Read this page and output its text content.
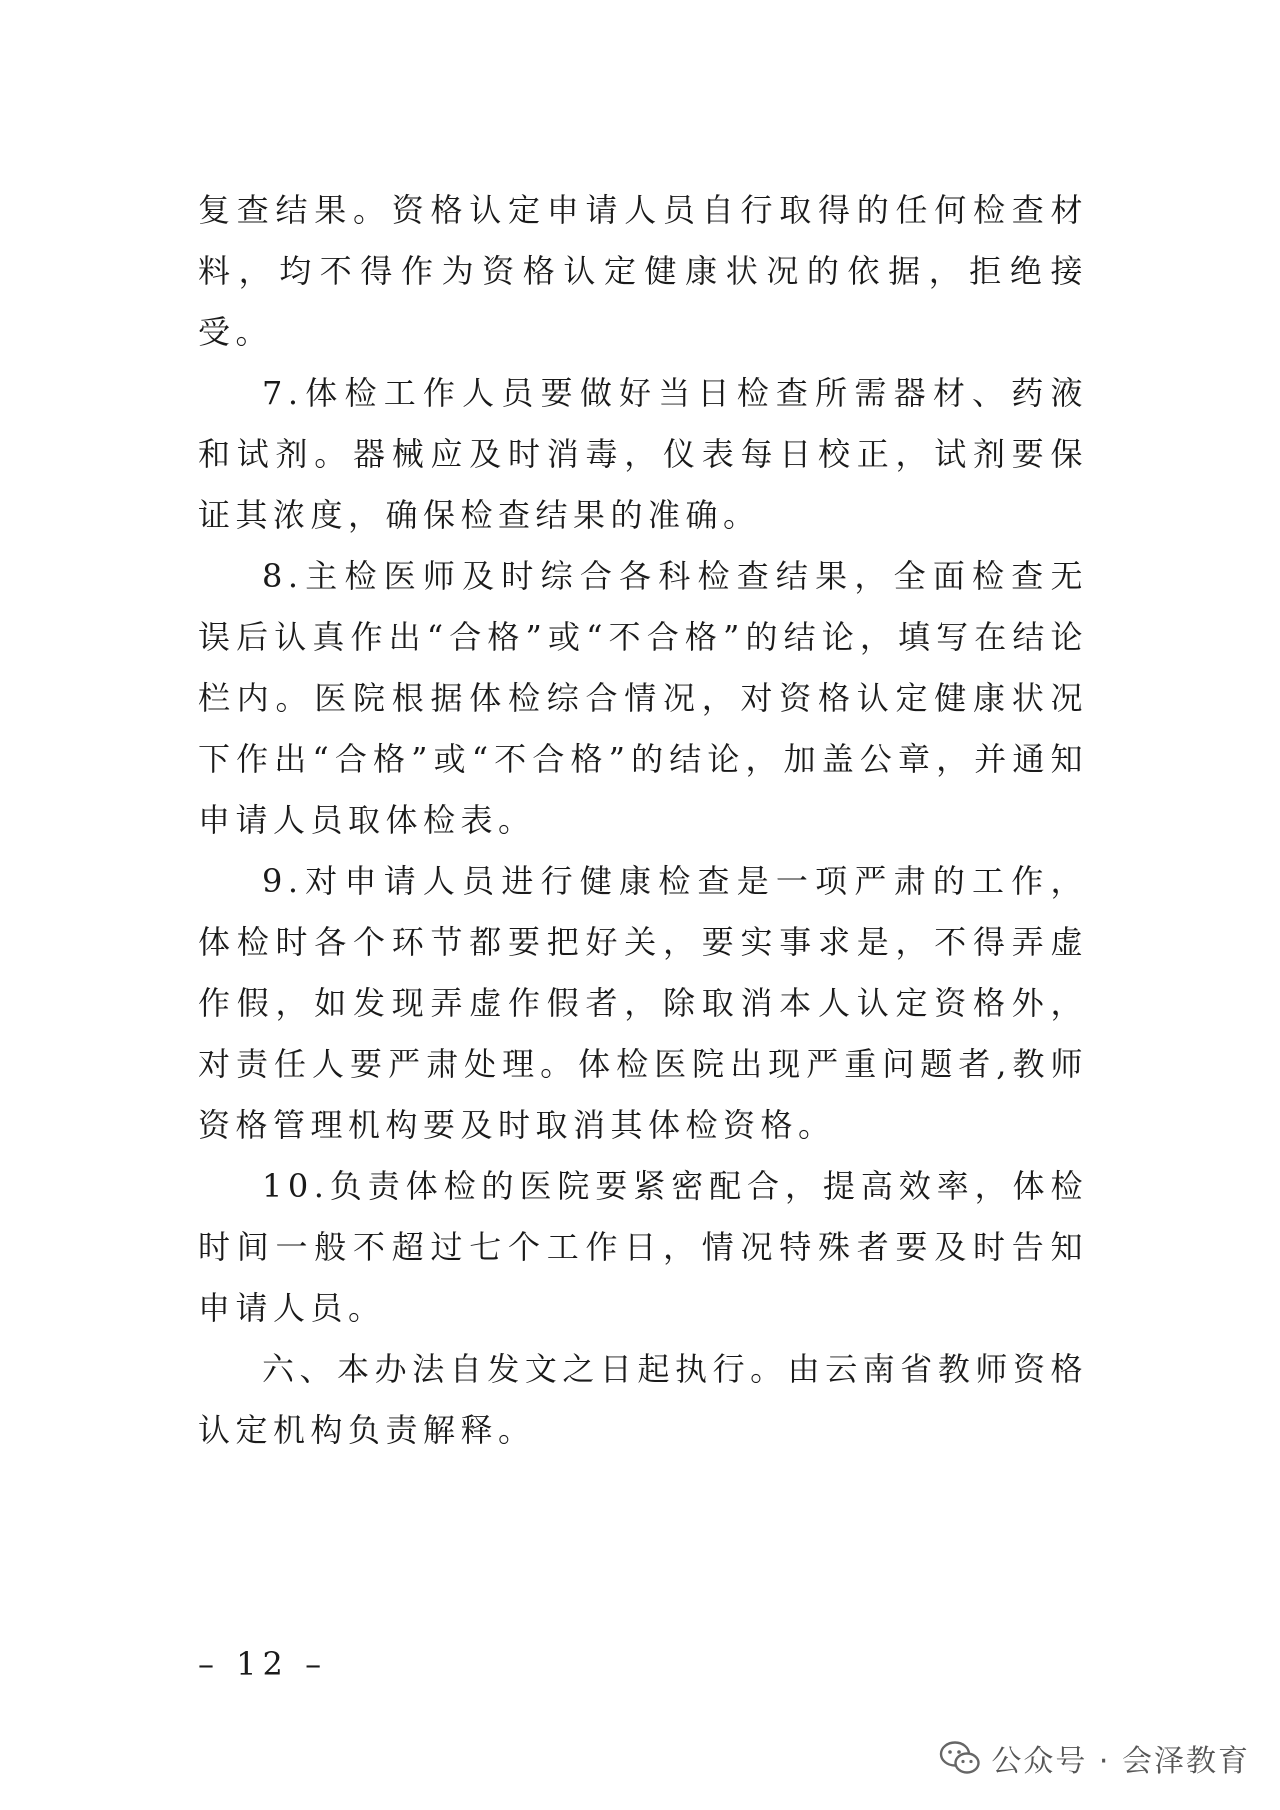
复查结果。资格认定申请人员自行取得的任何检查材料，均不得作为资格认定健康状况的依据，拒绝接受。

7.体检工作人员要做好当日检查所需器材、药液和试剂。器械应及时消毒，仪表每日校正，试剂要保证其浓度，确保检查结果的准确。

8.主检医师及时综合各科检查结果，全面检查无误后认真作出“合格”或“不合格”的结论，填写在结论栏内。医院根据体检综合情况，对资格认定健康状况下作出“合格”或“不合格”的结论，加盖公章，并通知申请人员取体检表。

9.对申请人员进行健康检查是一项严肃的工作，体检时各个环节都要把好关，要实事求是，不得弄虚作假，如发现弄虚作假者，除取消本人认定资格外，对责任人要严肃处理。体检医院出现严重问题者,教师资格管理机构要及时取消其体检资格。

10.负责体检的医院要紧密配合，提高效率，体检时间一般不超过七个工作日，情况特殊者要及时告知申请人员。

六、本办法自发文之日起执行。由云南省教师资格认定机构负责解释。

– 12 –
公众号 · 会泽教育
